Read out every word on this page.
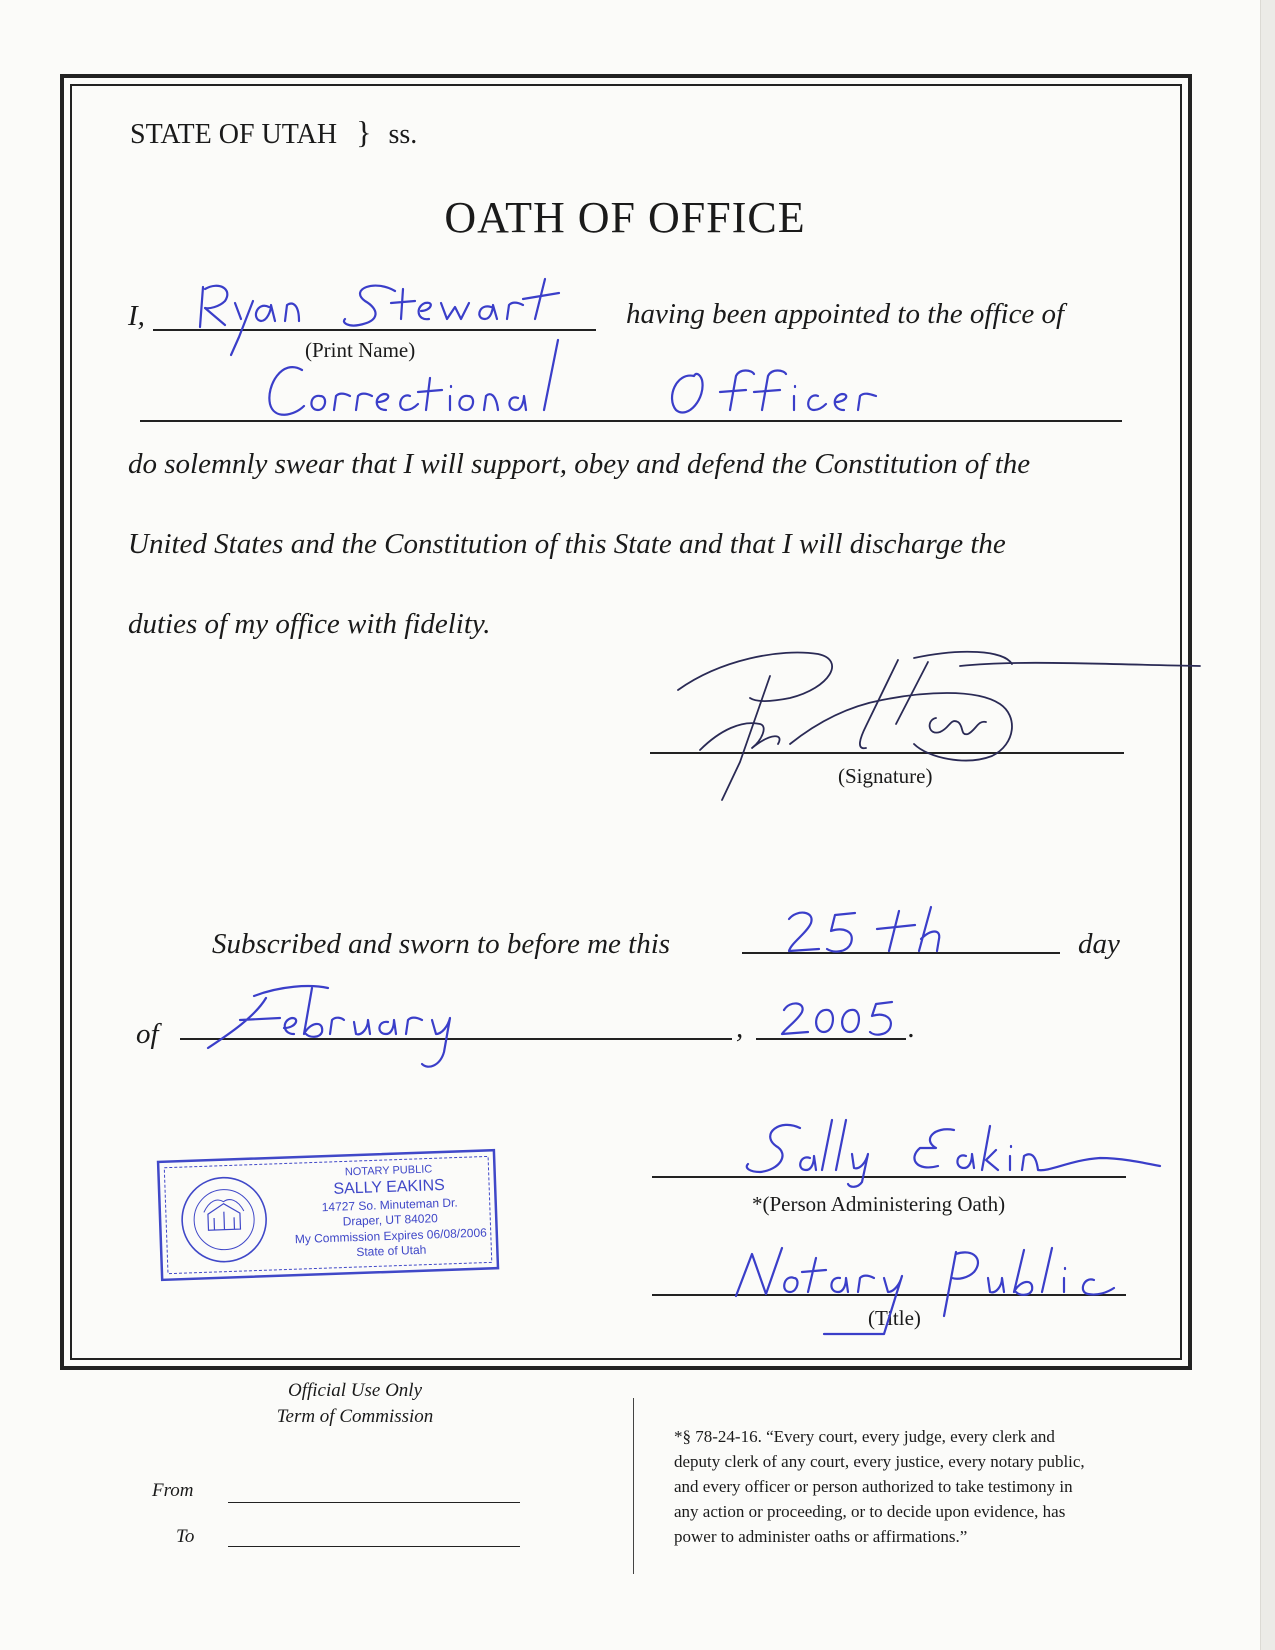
STATE OF UTAH } ss.
OATH OF OFFICE
I,
(Print Name)
having been appointed to the office of
do solemnly swear that I will support, obey and defend the Constitution of the
United States and the Constitution of this State and that I will discharge the
duties of my office with fidelity.
(Signature)
Subscribed and sworn to before me this	day
of	,	.
NOTARY PUBLIC
SALLY EAKINS
14727 So. Minuteman Dr.
Draper, UT 84020
My Commission Expires 06/08/2006
State of Utah
*(Person Administering Oath)
(Title)
Official Use Only
Term of Commission
From
To
*§ 78-24-16. “Every court, every judge, every clerk and
deputy clerk of any court, every justice, every notary public,
and every officer or person authorized to take testimony in
any action or proceeding, or to decide upon evidence, has
power to administer oaths or affirmations.”
